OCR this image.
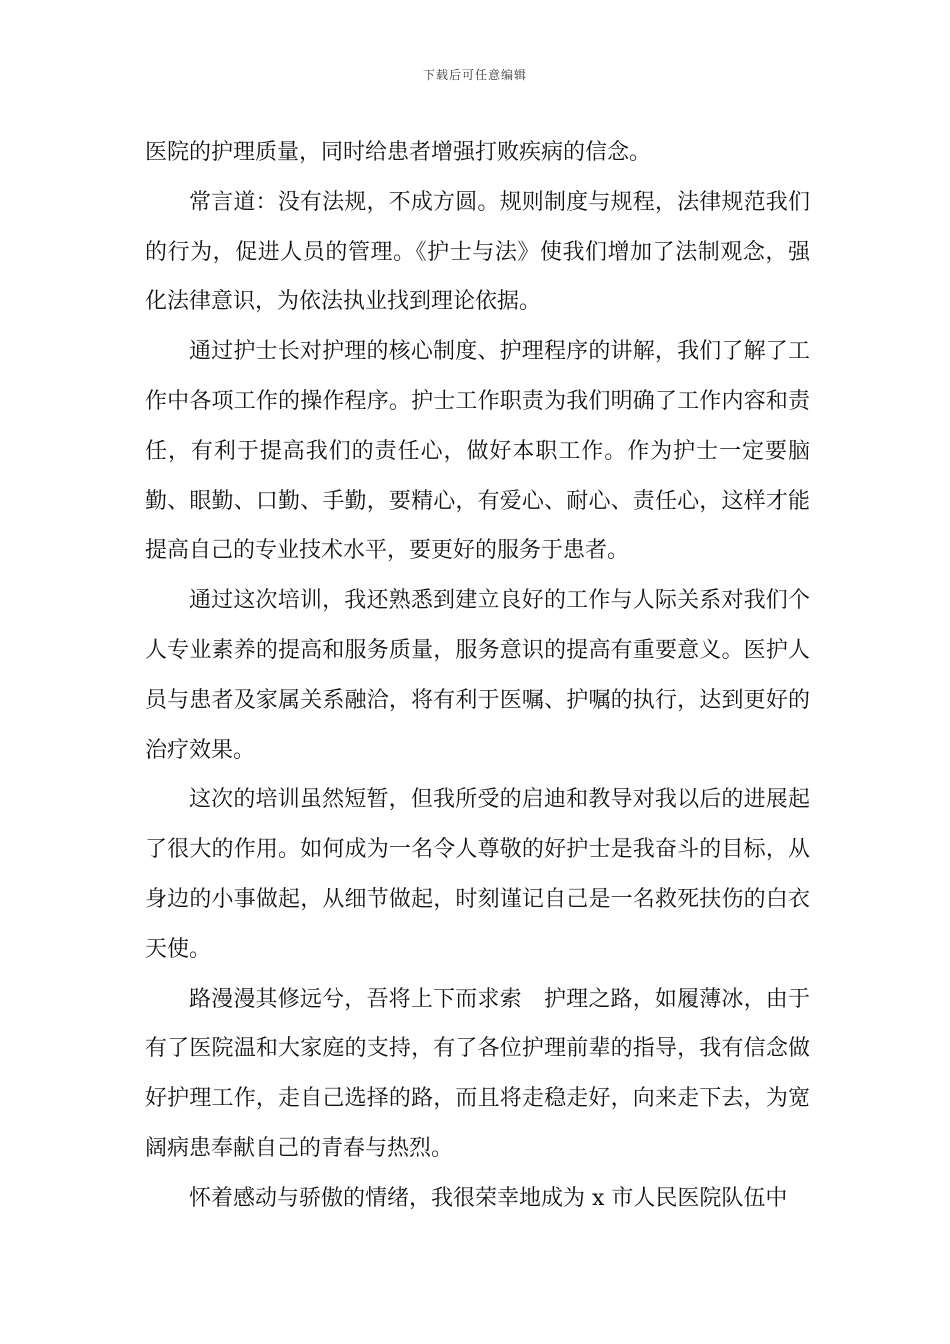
下载后可任意编辑

医院的护理质量，同时给患者增强打败疾病的信念。

常言道：没有法规，不成方圆。规则制度与规程，法律规范我们的行为，促进人员的管理。《护士与法》使我们增加了法制观念，强化法律意识，为依法执业找到理论依据。

通过护士长对护理的核心制度、护理程序的讲解，我们了解了工作中各项工作的操作程序。护士工作职责为我们明确了工作内容和责任，有利于提高我们的责任心，做好本职工作。作为护士一定要脑勤、眼勤、口勤、手勤，要精心，有爱心、耐心、责任心，这样才能提高自己的专业技术水平，要更好的服务于患者。

通过这次培训，我还熟悉到建立良好的工作与人际关系对我们个人专业素养的提高和服务质量，服务意识的提高有重要意义。医护人员与患者及家属关系融洽，将有利于医嘱、护嘱的执行，达到更好的治疗效果。

这次的培训虽然短暂，但我所受的启迪和教导对我以后的进展起了很大的作用。如何成为一名令人尊敬的好护士是我奋斗的目标，从身边的小事做起，从细节做起，时刻谨记自己是一名救死扶伤的白衣天使。

路漫漫其修远兮，吾将上下而求索　护理之路，如履薄冰，由于有了医院温和大家庭的支持，有了各位护理前辈的指导，我有信念做好护理工作，走自己选择的路，而且将走稳走好，向来走下去，为宽阔病患奉献自己的青春与热烈。

怀着感动与骄傲的情绪，我很荣幸地成为 x 市人民医院队伍中
